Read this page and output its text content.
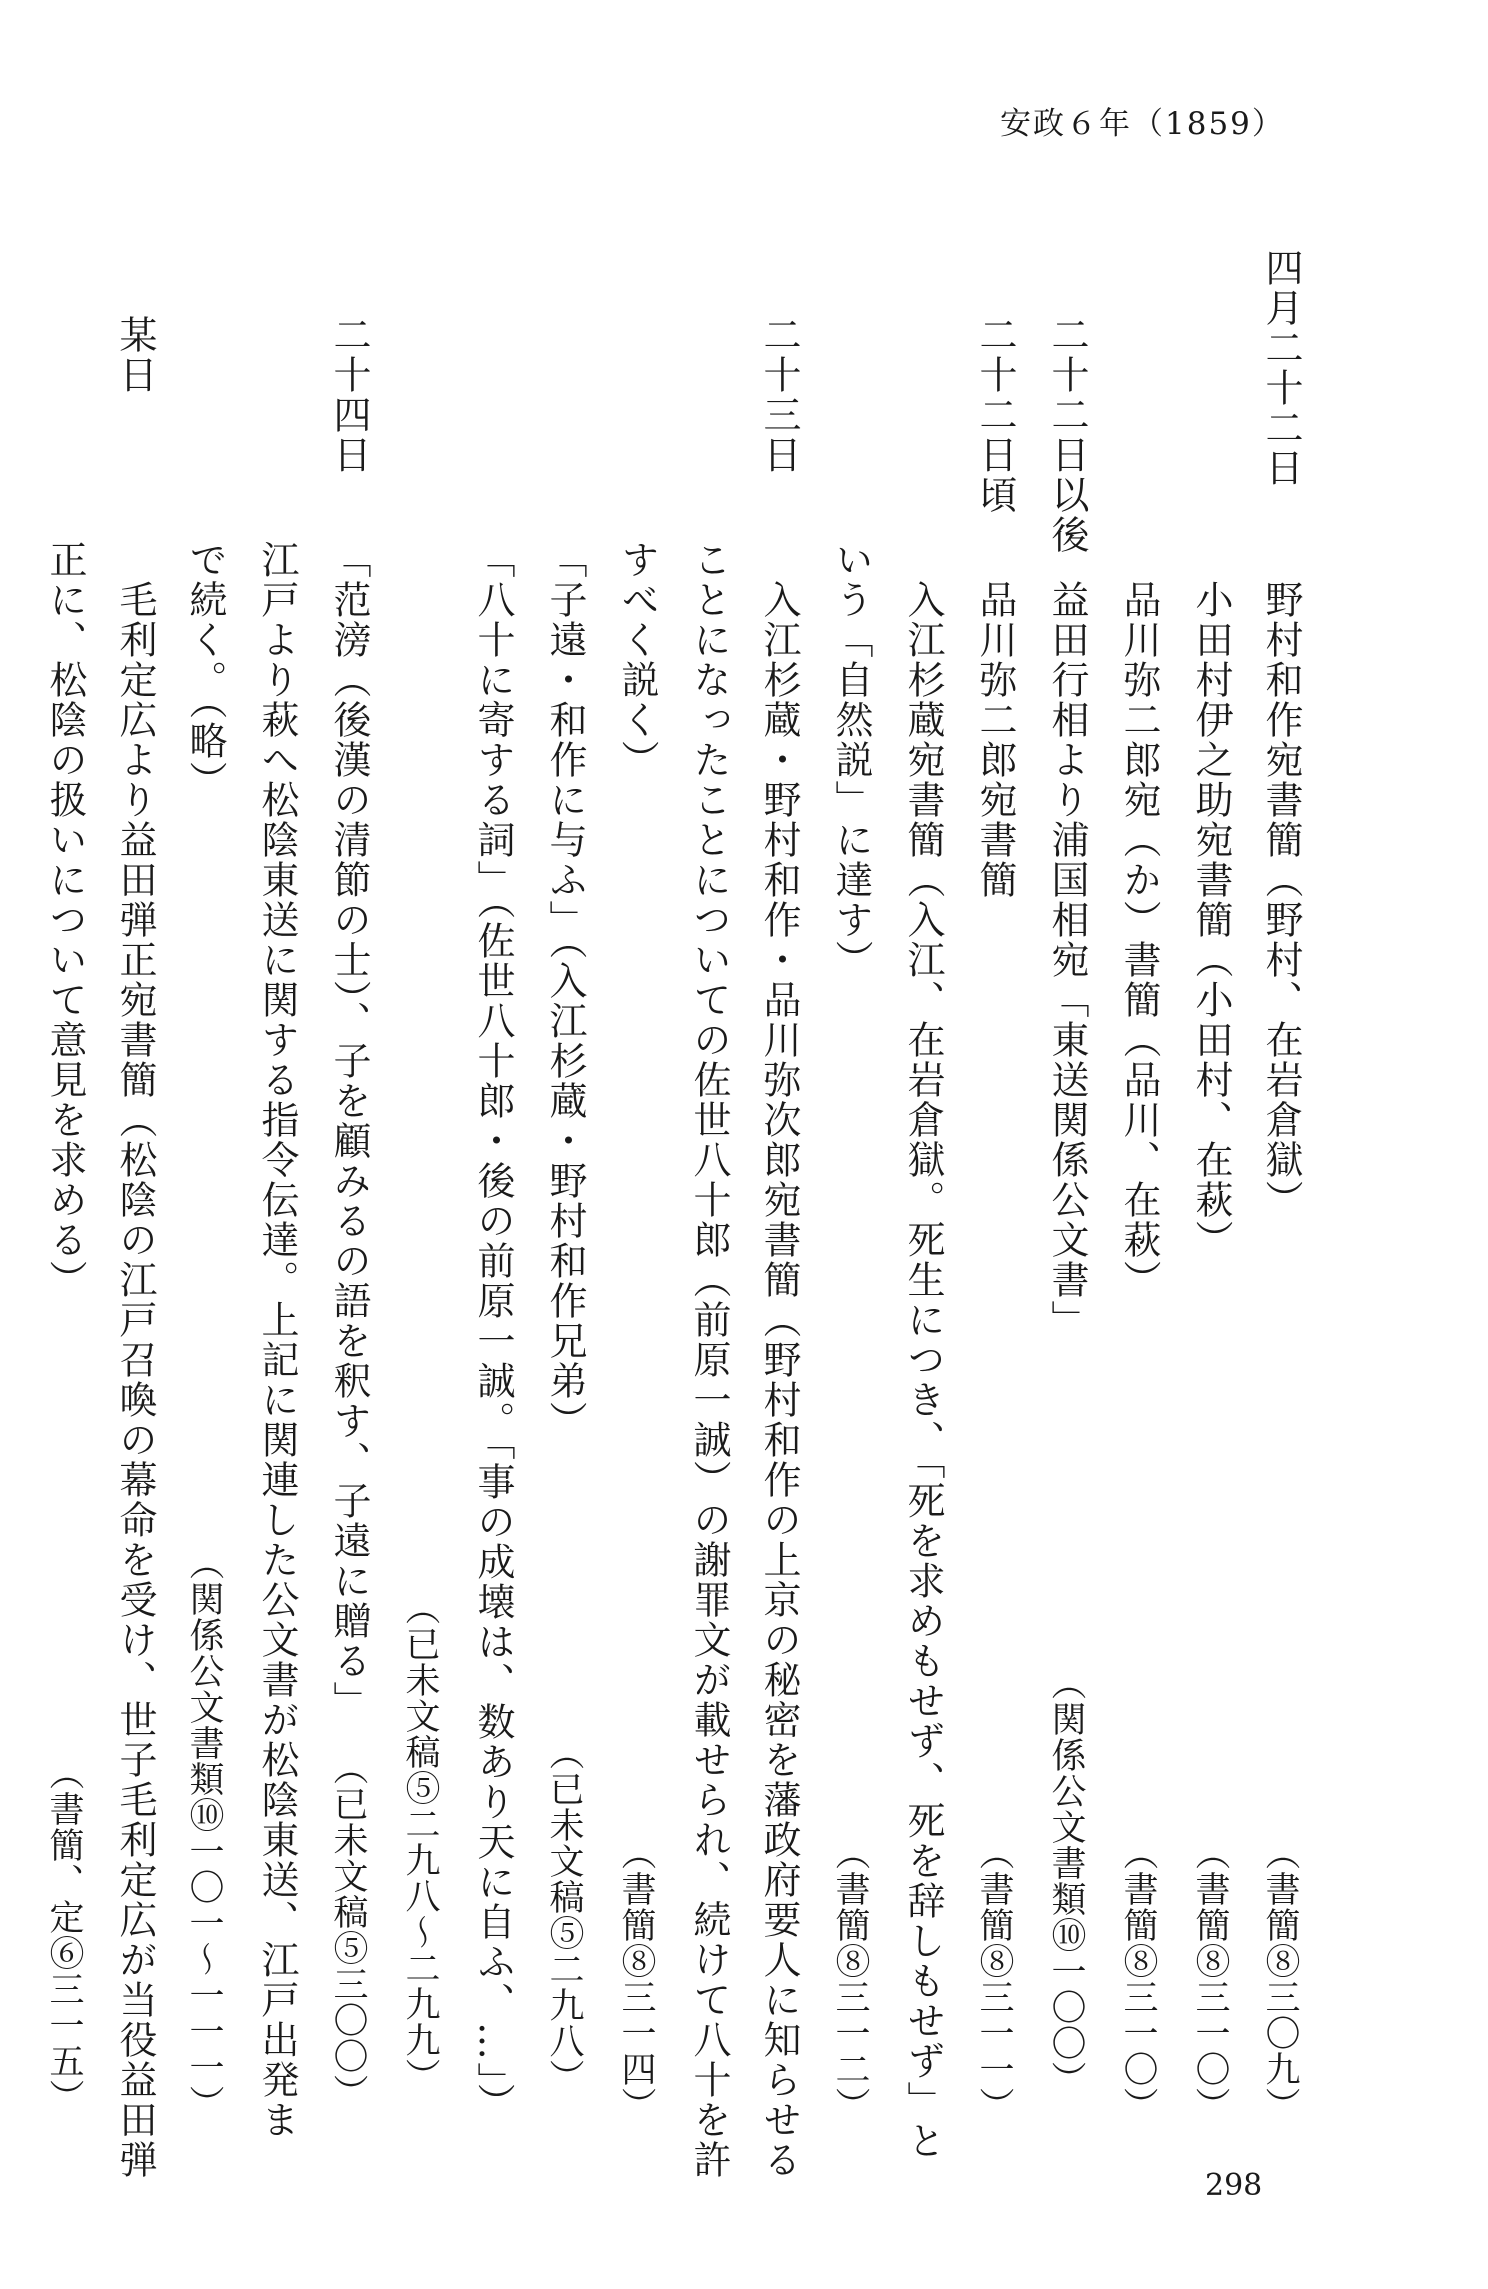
安政６年（1859）
四月二十二日
野村和作宛書簡（野村、在岩倉獄）
（書簡⑧三〇九）
小田村伊之助宛書簡（小田村、在萩）
（書簡⑧三一〇）
品川弥二郎宛（か）書簡（品川、在萩）
（書簡⑧三一〇）
二十二日以後
益田行相より浦国相宛「東送関係公文書」
（関係公文書類⑩一〇〇）
二十二日頃
品川弥二郎宛書簡
（書簡⑧三一一）
入江杉蔵宛書簡（入江、在岩倉獄。死生につき、「死を求めもせず、死を辞しもせず」と
いう「自然説」に達す）
（書簡⑧三一二）
二十三日
入江杉蔵・野村和作・品川弥次郎宛書簡（野村和作の上京の秘密を藩政府要人に知らせる
ことになったことについての佐世八十郎（前原一誠）の謝罪文が載せられ、続けて八十を許
すべく説く）
（書簡⑧三一四）
「子遠・和作に与ふ」（入江杉蔵・野村和作兄弟）
（已未文稿⑤二九八）
「八十に寄する詞」（佐世八十郎・後の前原一誠。「事の成壊は、数あり天に自ふ、…」）
（已未文稿⑤二九八〜二九九）
二十四日
「范滂（後漢の清節の士）、子を顧みるの語を釈す、子遠に贈る」
（已未文稿⑤三〇〇）
江戸より萩へ松陰東送に関する指令伝達。上記に関連した公文書が松陰東送、江戸出発ま
で続く。（略）
（関係公文書類⑩一〇一〜一一一）
某日
毛利定広より益田弾正宛書簡（松陰の江戸召喚の幕命を受け、世子毛利定広が当役益田弾
正に、松陰の扱いについて意見を求める）
（書簡、定⑥三一五）
298
